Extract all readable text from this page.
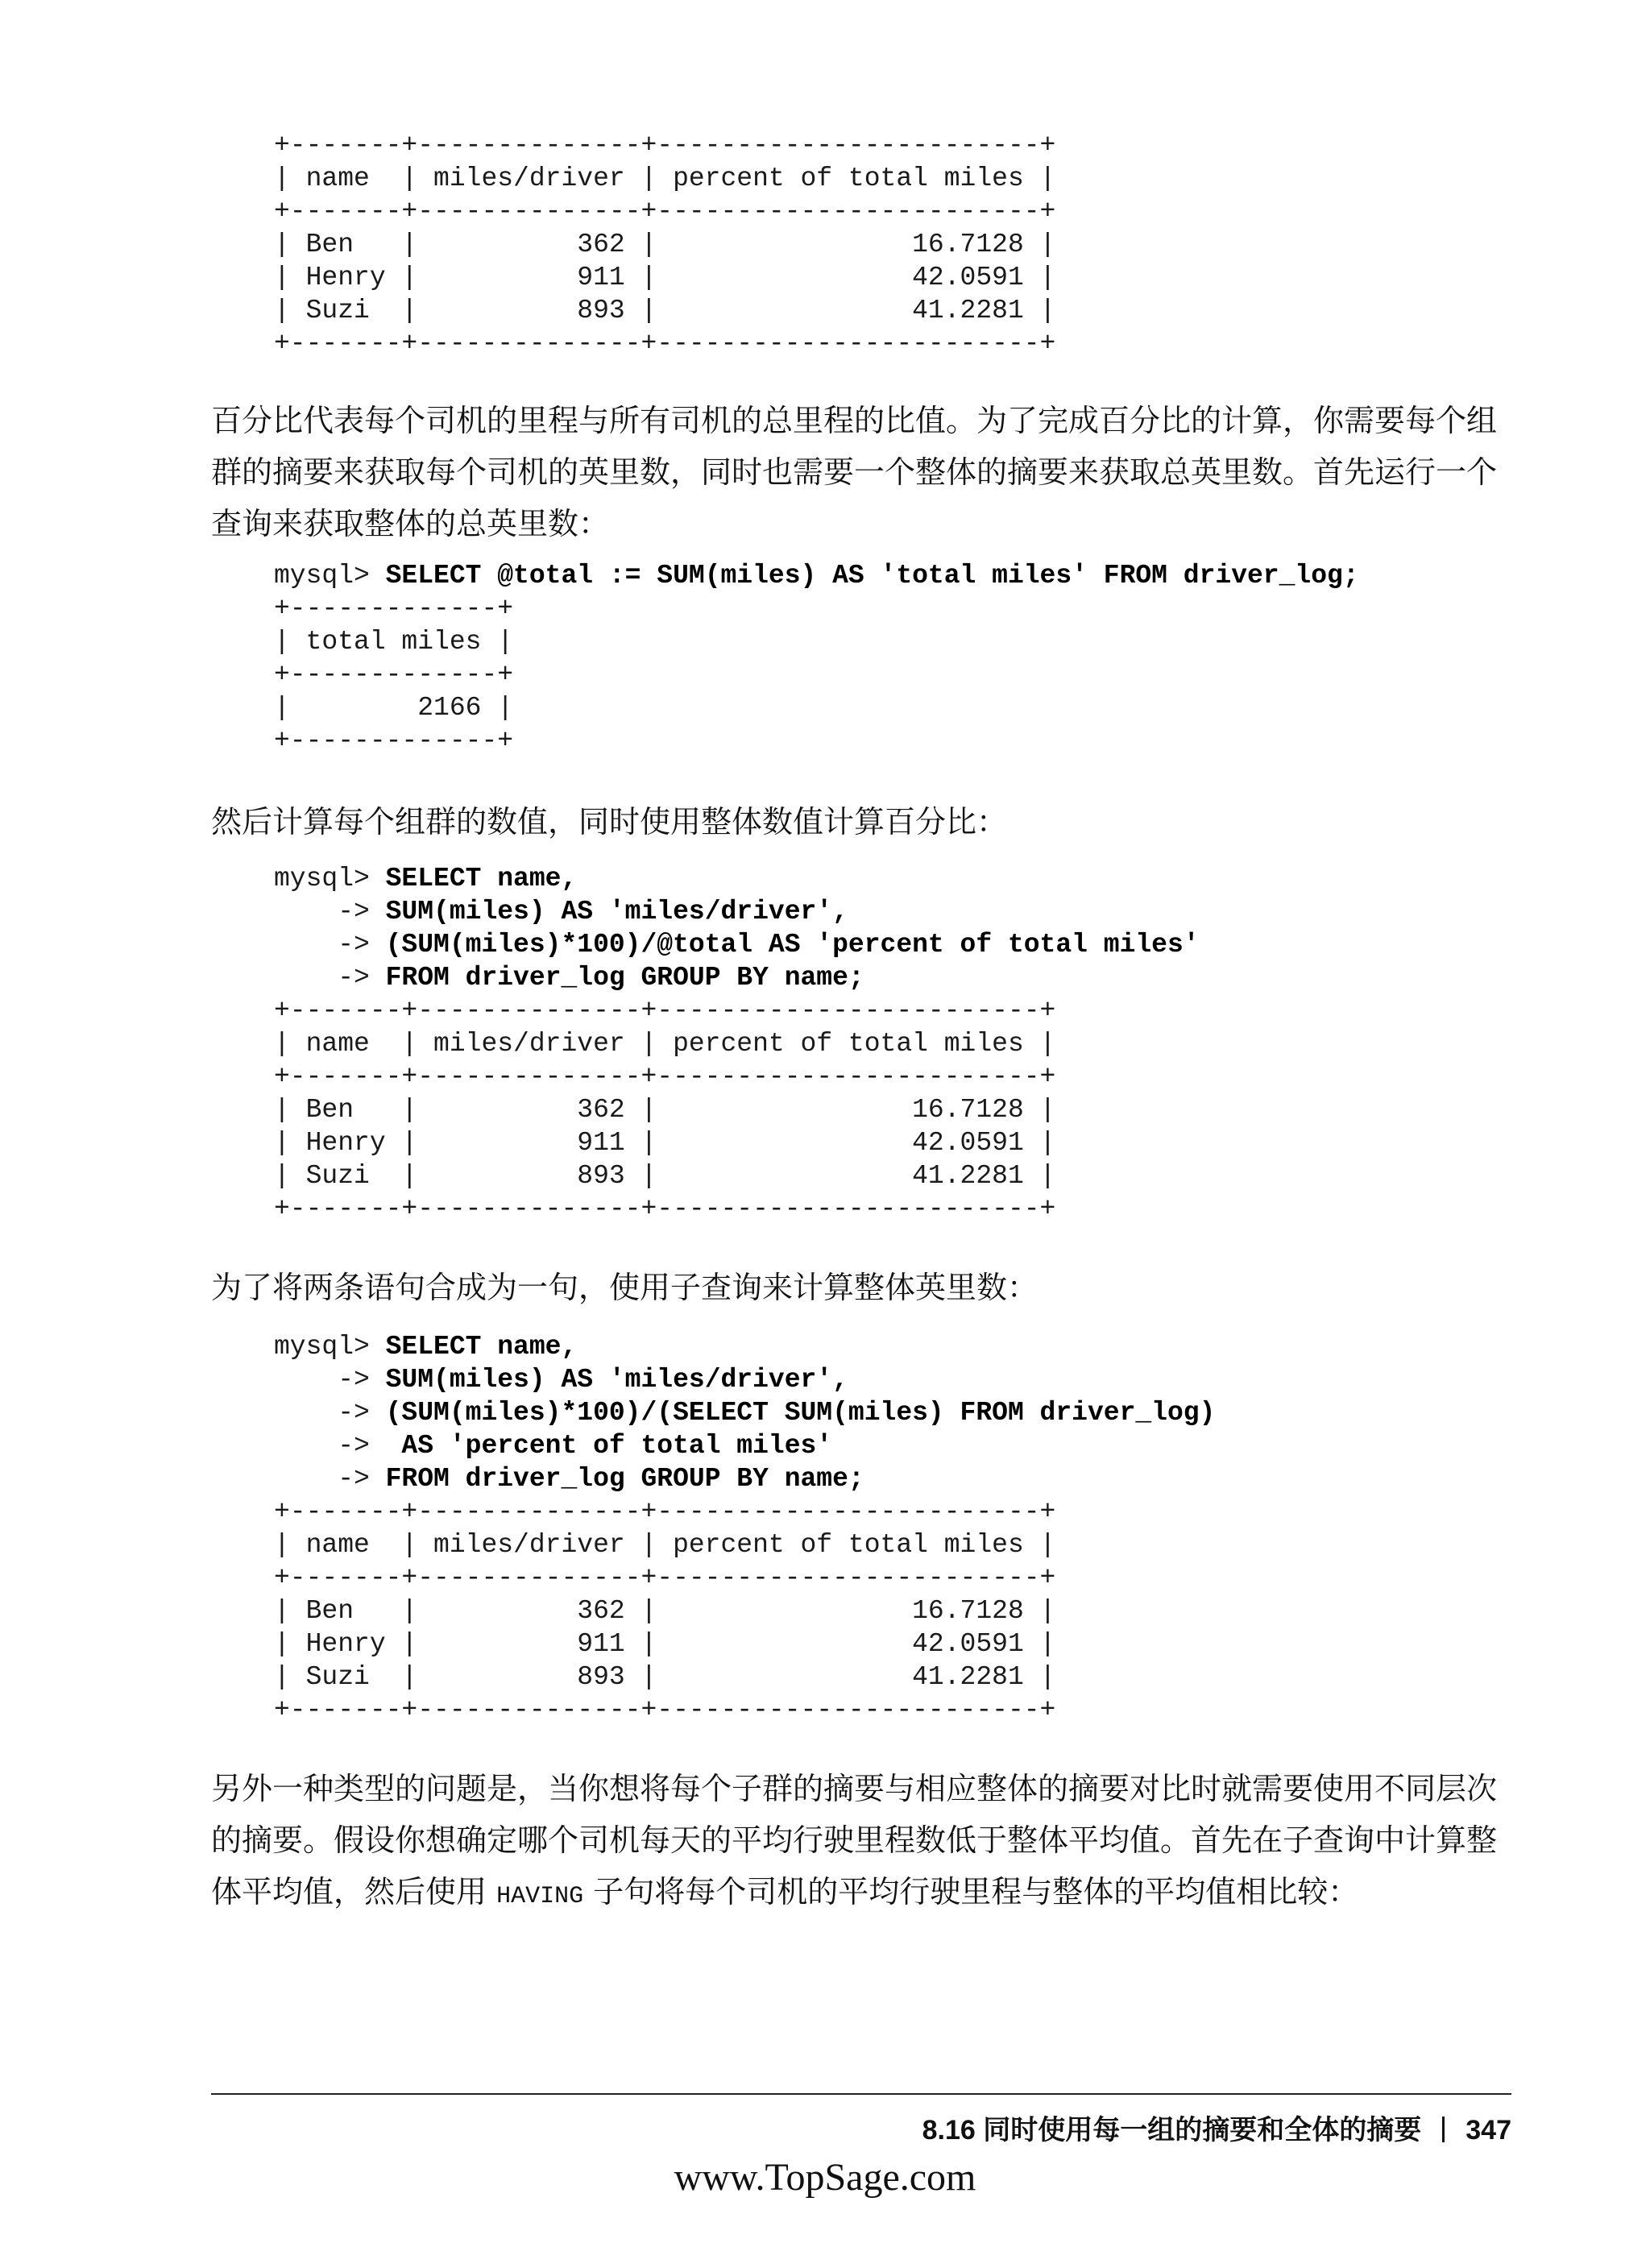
+-------+--------------+------------------------+
| name  | miles/driver | percent of total miles |
+-------+--------------+------------------------+
| Ben   |          362 |                16.7128 |
| Henry |          911 |                42.0591 |
| Suzi  |          893 |                41.2281 |
+-------+--------------+------------------------+

百分比代表每个司机的里程与所有司机的总里程的比值。为了完成百分比的计算，你需要每个组群的摘要来获取每个司机的英里数，同时也需要一个整体的摘要来获取总英里数。首先运行一个查询来获取整体的总英里数：

mysql> SELECT @total := SUM(miles) AS 'total miles' FROM driver_log;
+-------------+
| total miles |
+-------------+
|        2166 |
+-------------+

然后计算每个组群的数值，同时使用整体数值计算百分比：

mysql> SELECT name,
-> SUM(miles) AS 'miles/driver',
-> (SUM(miles)*100)/@total AS 'percent of total miles'
-> FROM driver_log GROUP BY name;
+-------+--------------+------------------------+
| name  | miles/driver | percent of total miles |
+-------+--------------+------------------------+
| Ben   |          362 |                16.7128 |
| Henry |          911 |                42.0591 |
| Suzi  |          893 |                41.2281 |
+-------+--------------+------------------------+

为了将两条语句合成为一句，使用子查询来计算整体英里数：

mysql> SELECT name,
-> SUM(miles) AS 'miles/driver',
-> (SUM(miles)*100)/(SELECT SUM(miles) FROM driver_log)
->  AS 'percent of total miles'
-> FROM driver_log GROUP BY name;
+-------+--------------+------------------------+
| name  | miles/driver | percent of total miles |
+-------+--------------+------------------------+
| Ben   |          362 |                16.7128 |
| Henry |          911 |                42.0591 |
| Suzi  |          893 |                41.2281 |
+-------+--------------+------------------------+

另外一种类型的问题是，当你想将每个子群的摘要与相应整体的摘要对比时就需要使用不同层次的摘要。假设你想确定哪个司机每天的平均行驶里程数低于整体平均值。首先在子查询中计算整体平均值，然后使用 HAVING 子句将每个司机的平均行驶里程与整体的平均值相比较：

8.16 同时使用每一组的摘要和全体的摘要 347
www.TopSage.com
